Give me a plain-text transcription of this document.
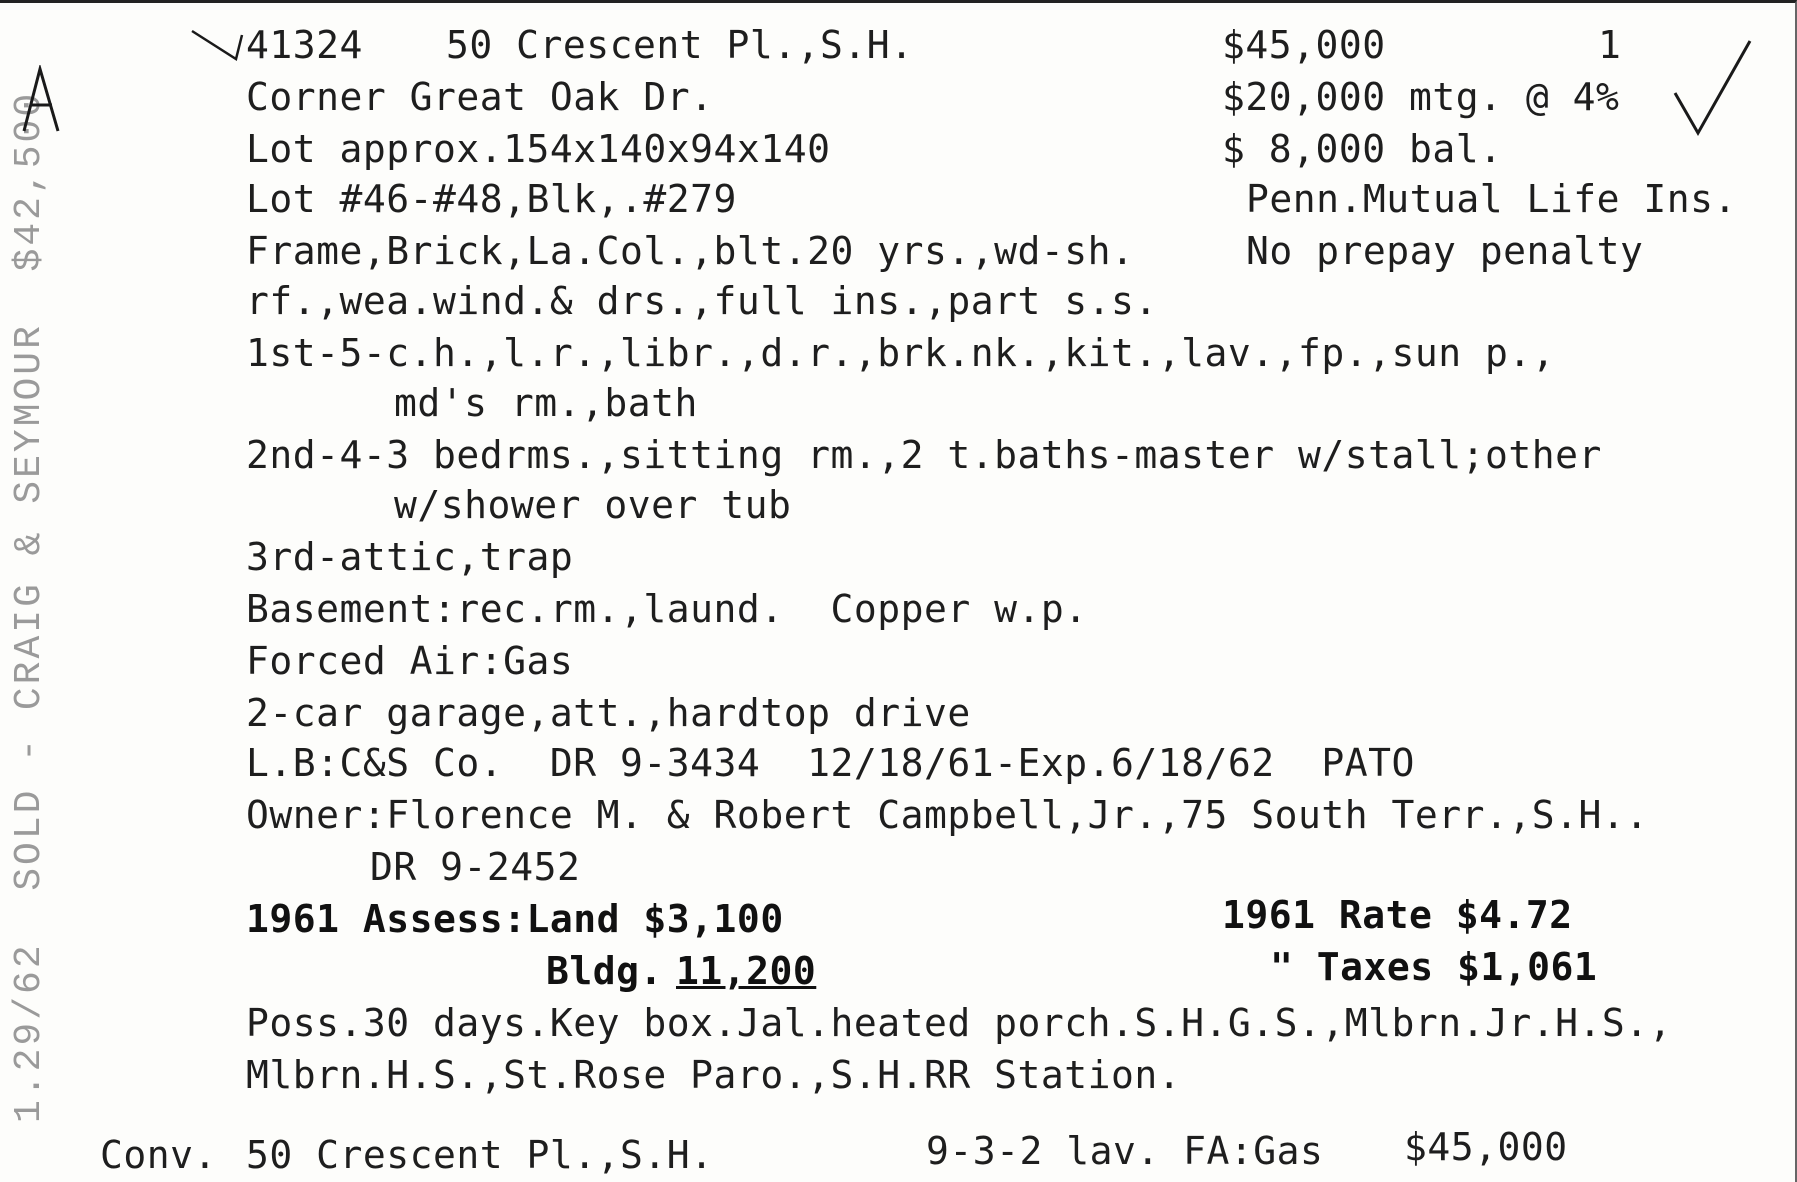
1.29/62  SOLD - CRAIG & SEYMOUR  $42,500
41324 50 Crescent Pl.,S.H.	$45,000	1
Corner Great Oak Dr.	$20,000 mtg. @ 4%
Lot approx.154x140x94x140	$ 8,000 bal.
Lot #46-#48,Blk,.#279	Penn.Mutual Life Ins.
Frame,Brick,La.Col.,blt.20 yrs.,wd-sh.	No prepay penalty
rf.,wea.wind.& drs.,full ins.,part s.s.
1st-5-c.h.,l.r.,libr.,d.r.,brk.nk.,kit.,lav.,fp.,sun p.,
md's rm.,bath
2nd-4-3 bedrms.,sitting rm.,2 t.baths-master w/stall;other
w/shower over tub
3rd-attic,trap
Basement:rec.rm.,laund.  Copper w.p.
Forced Air:Gas
2-car garage,att.,hardtop drive
L.B:C&S Co.  DR 9-3434  12/18/61-Exp.6/18/62  PATO
Owner:Florence M. & Robert Campbell,Jr.,75 South Terr.,S.H..
DR 9-2452
1961 Assess:Land $3,100	1961 Rate $4.72
Bldg. 11,200	" Taxes $1,061
Poss.30 days.Key box.Jal.heated porch.S.H.G.S.,Mlbrn.Jr.H.S.,
Mlbrn.H.S.,St.Rose Paro.,S.H.RR Station.
Conv. 50 Crescent Pl.,S.H.	9-3-2 lav. FA:Gas $45,000
